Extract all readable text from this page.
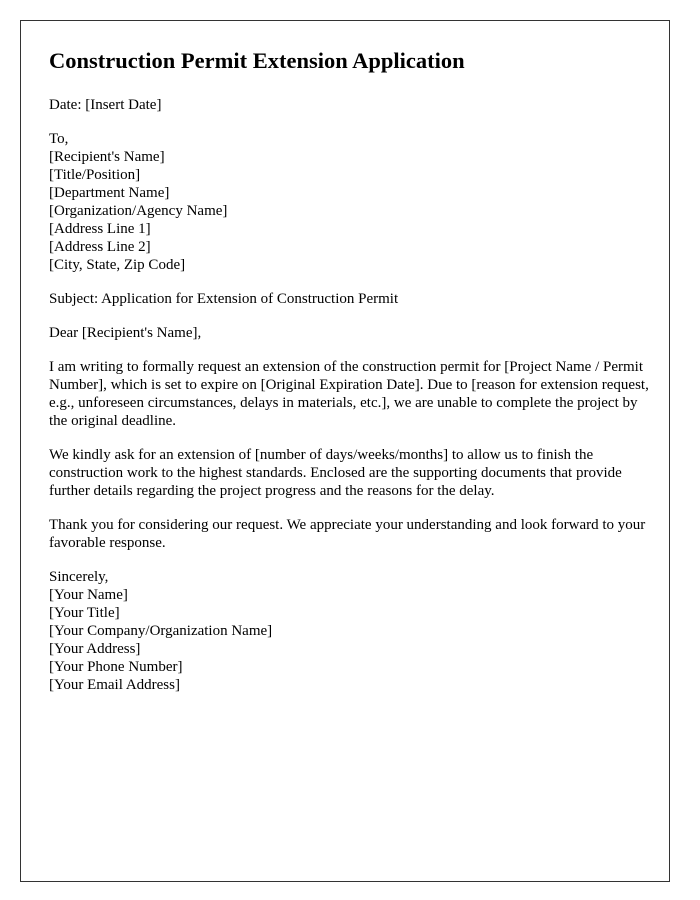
Construction Permit Extension Application
Date: [Insert Date]
To,
[Recipient's Name]
[Title/Position]
[Department Name]
[Organization/Agency Name]
[Address Line 1]
[Address Line 2]
[City, State, Zip Code]
Subject: Application for Extension of Construction Permit
Dear [Recipient's Name],

I am writing to formally request an extension of the construction permit for [Project Name / Permit Number], which is set to expire on [Original Expiration Date]. Due to [reason for extension request, e.g., unforeseen circumstances, delays in materials, etc.], we are unable to complete the project by the original deadline.

We kindly ask for an extension of [number of days/weeks/months] to allow us to finish the construction work to the highest standards. Enclosed are the supporting documents that provide further details regarding the project progress and the reasons for the delay.

Thank you for considering our request. We appreciate your understanding and look forward to your favorable response.

Sincerely,
[Your Name]
[Your Title]
[Your Company/Organization Name]
[Your Address]
[Your Phone Number]
[Your Email Address]
